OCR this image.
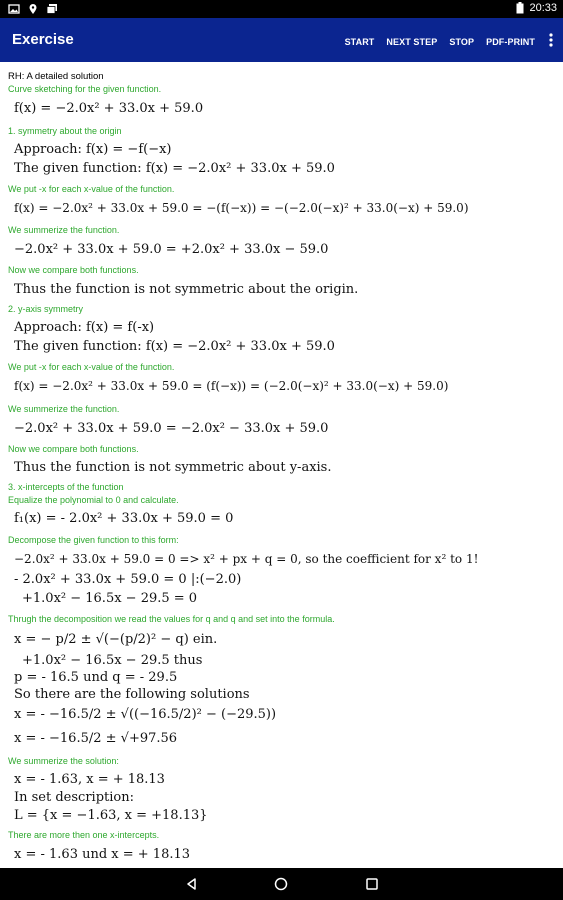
20:33
Exercise	START NEXT STEP STOP PDF-PRINT
RH: A detailed solution
Curve sketching for the given function.
f(x) = −2.0x² + 33.0x + 59.0
1. symmetry about the origin
Approach: f(x) = −f(−x)
The given function: f(x) = −2.0x² + 33.0x + 59.0
We put -x for each x-value of the function.
f(x) = −2.0x² + 33.0x + 59.0 = −(f(−x)) = −(−2.0(−x)² + 33.0(−x) + 59.0)
We summerize the function.
−2.0x² + 33.0x + 59.0 = +2.0x² + 33.0x − 59.0
Now we compare both functions.
Thus the function is not symmetric about the origin.
2. y-axis symmetry
Approach: f(x) = f(-x)
The given function: f(x) = −2.0x² + 33.0x + 59.0
We put -x for each x-value of the function.
f(x) = −2.0x² + 33.0x + 59.0 = (f(−x)) = (−2.0(−x)² + 33.0(−x) + 59.0)
We summerize the function.
−2.0x² + 33.0x + 59.0 = −2.0x² − 33.0x + 59.0
Now we compare both functions.
Thus the function is not symmetric about y-axis.
3. x-intercepts of the function
Equalize the polynomial to 0 and calculate.
f₁(x) = - 2.0x² + 33.0x + 59.0 = 0
Decompose the given function to this form:
−2.0x² + 33.0x + 59.0 = 0 => x² + px + q = 0, so the coefficient for x² to 1!
- 2.0x² + 33.0x + 59.0 = 0 |:(−2.0)
+1.0x² − 16.5x − 29.5 = 0
Thrugh the decomposition we read the values for q and q and set into the formula.
x = − p/2 ± √(−(p/2)² − q) ein.
+1.0x² − 16.5x − 29.5 thus
p = - 16.5 und q = - 29.5
So there are the following solutions
x = - −16.5/2 ± √((−16.5/2)² − (−29.5))
x = - −16.5/2 ± √+97.56
We summerize the solution:
x = - 1.63, x = + 18.13
In set description:
L = {x = −1.63, x = +18.13}
There are more then one x-intercepts.
x = - 1.63 und x = + 18.13
